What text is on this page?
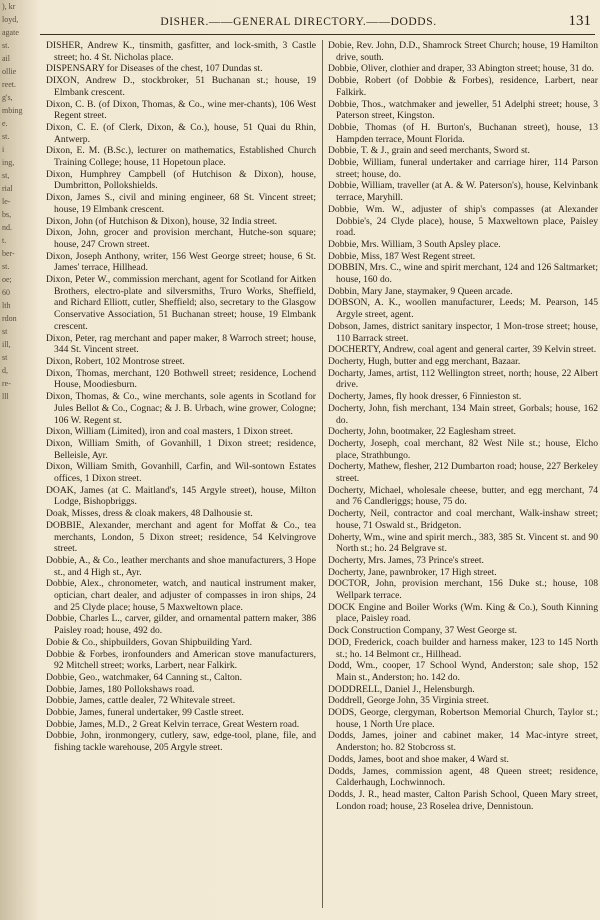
), kr
loyd,
agate
st.
ail
ollie
reet.
g's,
mbing
e.
st.
i
ing,
st,
rial
le-
bs,
nd.
t.
ber-
st.
oe;
60
lth
rdon
st
ill,
st
d,
re-
lll
DISHER.——GENERAL DIRECTORY.——DODDS.	131

DISHER, Andrew K., tinsmith, gasfitter, and lock-smith, 3 Castle street; ho. 4 St. Nicholas place.

DISPENSARY for Diseases of the chest, 107 Dundas st.

DIXON, Andrew D., stockbroker, 51 Buchanan st.; house, 19 Elmbank crescent.

Dixon, C. B. (of Dixon, Thomas, & Co., wine mer-chants), 106 West Regent street.

Dixon, C. E. (of Clerk, Dixon, & Co.), house, 51 Quai du Rhin, Antwerp.

Dixon, E. M. (B.Sc.), lecturer on mathematics, Established Church Training College; house, 11 Hopetoun place.

Dixon, Humphrey Campbell (of Hutchison & Dixon), house, Dumbritton, Pollokshields.

Dixon, James S., civil and mining engineer, 68 St. Vincent street; house, 19 Elmbank crescent.

Dixon, John (of Hutchison & Dixon), house, 32 India street.

Dixon, John, grocer and provision merchant, Hutche-son square; house, 247 Crown street.

Dixon, Joseph Anthony, writer, 156 West George street; house, 6 St. James' terrace, Hillhead.

Dixon, Peter W., commission merchant, agent for Scotland for Aitken Brothers, electro-plate and silversmiths, Truro Works, Sheffield, and Richard Elliott, cutler, Sheffield; also, secretary to the Glasgow Conservative Association, 51 Buchanan street; house, 19 Elmbank crescent.

Dixon, Peter, rag merchant and paper maker, 8 Warroch street; house, 344 St. Vincent street.

Dixon, Robert, 102 Montrose street.

Dixon, Thomas, merchant, 120 Bothwell street; residence, Lochend House, Moodiesburn.

Dixon, Thomas, & Co., wine merchants, sole agents in Scotland for Jules Bellot & Co., Cognac; & J. B. Urbach, wine grower, Cologne; 106 W. Regent st.

Dixon, William (Limited), iron and coal masters, 1 Dixon street.

Dixon, William Smith, of Govanhill, 1 Dixon street; residence, Belleisle, Ayr.

Dixon, William Smith, Govanhill, Carfin, and Wil-sontown Estates offices, 1 Dixon street.

DOAK, James (at C. Maitland's, 145 Argyle street), house, Milton Lodge, Bishopbriggs.

Doak, Misses, dress & cloak makers, 48 Dalhousie st.

DOBBIE, Alexander, merchant and agent for Moffat & Co., tea merchants, London, 5 Dixon street; residence, 54 Kelvingrove street.

Dobbie, A., & Co., leather merchants and shoe manufacturers, 3 Hope st., and 4 High st., Ayr.

Dobbie, Alex., chronometer, watch, and nautical instrument maker, optician, chart dealer, and adjuster of compasses in iron ships, 24 and 25 Clyde place; house, 5 Maxweltown place.

Dobbie, Charles L., carver, gilder, and ornamental pattern maker, 386 Paisley road; house, 492 do.

Dobie & Co., shipbuilders, Govan Shipbuilding Yard.

Dobbie & Forbes, ironfounders and American stove manufacturers, 92 Mitchell street; works, Larbert, near Falkirk.

Dobbie, Geo., watchmaker, 64 Canning st., Calton.

Dobbie, James, 180 Pollokshaws road.

Dobbie, James, cattle dealer, 72 Whitevale street.

Dobbie, James, funeral undertaker, 99 Castle street.

Dobbie, James, M.D., 2 Great Kelvin terrace, Great Western road.

Dobbie, John, ironmongery, cutlery, saw, edge-tool, plane, file, and fishing tackle warehouse, 205 Argyle street.

Dobie, Rev. John, D.D., Shamrock Street Church; house, 19 Hamilton drive, south.

Dobbie, Oliver, clothier and draper, 33 Abington street; house, 31 do.

Dobbie, Robert (of Dobbie & Forbes), residence, Larbert, near Falkirk.

Dobbie, Thos., watchmaker and jeweller, 51 Adelphi street; house, 3 Paterson street, Kingston.

Dobbie, Thomas (of H. Burton's, Buchanan street), house, 13 Hampden terrace, Mount Florida.

Dobbie, T. & J., grain and seed merchants, Sword st.

Dobbie, William, funeral undertaker and carriage hirer, 114 Parson street; house, do.

Dobbie, William, traveller (at A. & W. Paterson's), house, Kelvinbank terrace, Maryhill.

Dobbie, Wm. W., adjuster of ship's compasses (at Alexander Dobbie's, 24 Clyde place), house, 5 Maxweltown place, Paisley road.

Dobbie, Mrs. William, 3 South Apsley place.

Dobbie, Miss, 187 West Regent street.

DOBBIN, Mrs. C., wine and spirit merchant, 124 and 126 Saltmarket; house, 160 do.

Dobbin, Mary Jane, staymaker, 9 Queen arcade.

DOBSON, A. K., woollen manufacturer, Leeds; M. Pearson, 145 Argyle street, agent.

Dobson, James, district sanitary inspector, 1 Mon-trose street; house, 110 Barrack street.

DOCHERTY, Andrew, coal agent and general carter, 39 Kelvin street.

Docherty, Hugh, butter and egg merchant, Bazaar.

Docharty, James, artist, 112 Wellington street, north; house, 22 Albert drive.

Docherty, James, fly hook dresser, 6 Finnieston st.

Docherty, John, fish merchant, 134 Main street, Gorbals; house, 162 do.

Docherty, John, bootmaker, 22 Eaglesham street.

Docherty, Joseph, coal merchant, 82 West Nile st.; house, Elcho place, Strathbungo.

Docherty, Mathew, flesher, 212 Dumbarton road; house, 227 Berkeley street.

Docherty, Michael, wholesale cheese, butter, and egg merchant, 74 and 76 Candleriggs; house, 75 do.

Docherty, Neil, contractor and coal merchant, Walk-inshaw street; house, 71 Oswald st., Bridgeton.

Doherty, Wm., wine and spirit merch., 383, 385 St. Vincent st. and 90 North st.; ho. 24 Belgrave st.

Docherty, Mrs. James, 73 Prince's street.

Docherty, Jane, pawnbroker, 17 High street.

DOCTOR, John, provision merchant, 156 Duke st.; house, 108 Wellpark terrace.

DOCK Engine and Boiler Works (Wm. King & Co.), South Kinning place, Paisley road.

Dock Construction Company, 37 West George st.

DOD, Frederick, coach builder and harness maker, 123 to 145 North st.; ho. 14 Belmont cr., Hillhead.

Dodd, Wm., cooper, 17 School Wynd, Anderston; sale shop, 152 Main st., Anderston; ho. 142 do.

DODDRELL, Daniel J., Helensburgh.

Doddrell, George John, 35 Virginia street.

DODS, George, clergyman, Robertson Memorial Church, Taylor st.; house, 1 North Ure place.

Dodds, James, joiner and cabinet maker, 14 Mac-intyre street, Anderston; ho. 82 Stobcross st.

Dodds, James, boot and shoe maker, 4 Ward st.

Dodds, James, commission agent, 48 Queen street; residence, Calderhaugh, Lochwinnoch.

Dodds, J. R., head master, Calton Parish School, Queen Mary street, London road; house, 23 Roselea drive, Dennistoun.
